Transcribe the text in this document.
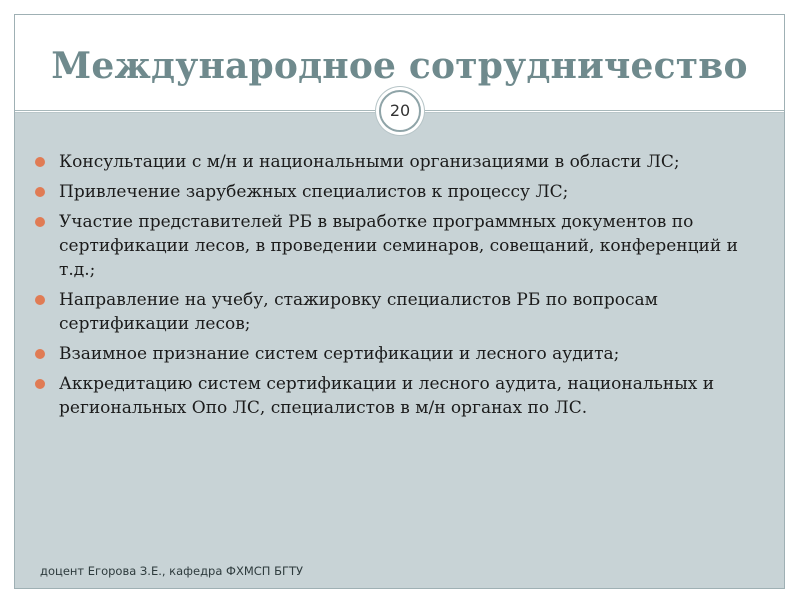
Международное сотрудничество
20
Консультации с м/н и национальными организациями в области ЛС;
Привлечение зарубежных специалистов к процессу ЛС;
Участие представителей РБ в выработке программных документов по сертификации лесов, в проведении семинаров, совещаний, конференций и т.д.;
Направление на учебу, стажировку специалистов РБ по вопросам сертификации лесов;
Взаимное признание систем сертификации и лесного аудита;
Аккредитацию систем сертификации и лесного аудита, национальных и региональных Опо ЛС, специалистов в м/н органах по ЛС.
доцент Егорова З.Е., кафедра ФХМСП БГТУ
